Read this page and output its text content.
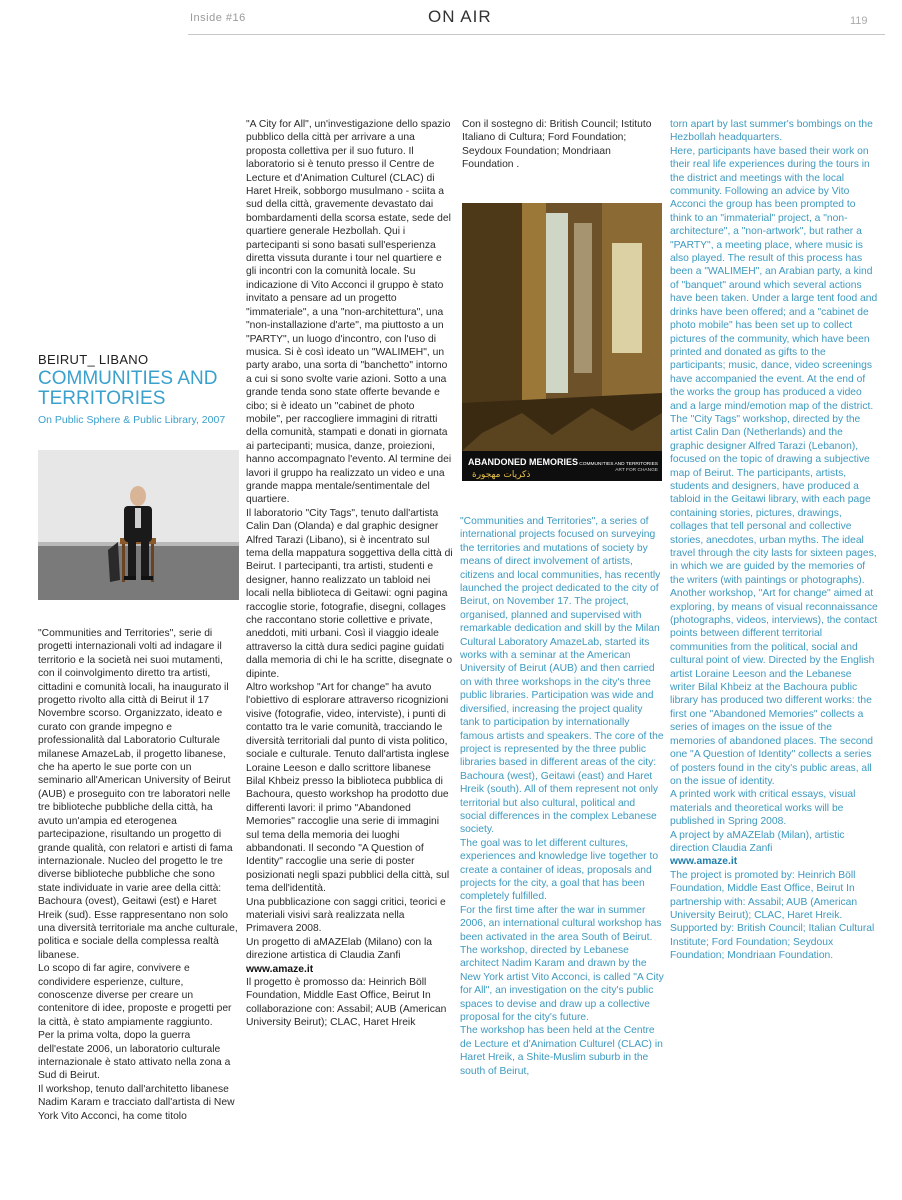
Inside #16	ON AIR	119
BEIRUT_ LIBANO
COMMUNITIES AND TERRITORIES
On Public Sphere & Public Library, 2007
ABANDONED MEMORIES
ذكريات مهجورة
COMMUNITIES AND TERRITORIES
ART FOR CHANGE

"Communities and Territories", serie di progetti internazionali volti ad indagare il territorio e la società nei suoi mutamenti, con il coinvolgimento diretto tra artisti, cittadini e comunità locali, ha inaugurato il progetto rivolto alla città di Beirut il 17 Novembre scorso. Organizzato, ideato e curato con grande impegno e professionalità dal Laboratorio Culturale milanese AmazeLab, il progetto libanese, che ha aperto le sue porte con un seminario all'American University of Beirut (AUB) e proseguito con tre laboratori nelle tre biblioteche pubbliche della città, ha avuto un'ampia ed eterogenea partecipazione, risultando un progetto di grande qualità, con relatori e artisti di fama internazionale. Nucleo del progetto le tre diverse biblioteche pubbliche che sono state individuate in varie aree della città: Bachoura (ovest), Geitawi (est) e Haret Hreik (sud). Esse rappresentano non solo una diversità territoriale ma anche culturale, politica e sociale della complessa realtà libanese.

Lo scopo di far agire, convivere e condividere esperienze, culture, conoscenze diverse per creare un contenitore di idee, proposte e progetti per la città, è stato ampiamente raggiunto.

Per la prima volta, dopo la guerra dell'estate 2006, un laboratorio culturale internazionale è stato attivato nella zona a Sud di Beirut.

Il workshop, tenuto dall'architetto libanese Nadim Karam e tracciato dall'artista di New York Vito Acconci, ha come titolo

"A City for All", un'investigazione dello spazio pubblico della città per arrivare a una proposta collettiva per il suo futuro. Il laboratorio si è tenuto presso il Centre de Lecture et d'Animation Culturel (CLAC) di Haret Hreik, sobborgo musulmano - sciita a sud della città, gravemente devastato dai bombardamenti della scorsa estate, sede del quartiere generale Hezbollah. Qui i partecipanti si sono basati sull'esperienza diretta vissuta durante i tour nel quartiere e gli incontri con la comunità locale. Su indicazione di Vito Acconci il gruppo è stato invitato a pensare ad un progetto "immateriale", a una "non-architettura", una "non-installazione d'arte", ma piuttosto a un "PARTY", un luogo d'incontro, con l'uso di musica. Si è così ideato un "WALIMEH", un party arabo, una sorta di "banchetto" intorno a cui si sono svolte varie azioni. Sotto a una grande tenda sono state offerte bevande e cibo; si è ideato un "cabinet de photo mobile", per raccogliere immagini di ritratti della comunità, stampati e donati in giornata ai partecipanti; musica, danze, proiezioni, hanno accompagnato l'evento. Al termine dei lavori il gruppo ha realizzato un video e una grande mappa mentale/sentimentale del quartiere.

Il laboratorio "City Tags", tenuto dall'artista Calin Dan (Olanda) e dal graphic designer Alfred Tarazi (Libano), si è incentrato sul tema della mappatura soggettiva della città di Beirut. I partecipanti, tra artisti, studenti e designer, hanno realizzato un tabloid nei locali nella biblioteca di Geitawi: ogni pagina raccoglie storie, fotografie, disegni, collages che raccontano storie collettive e private, aneddoti, miti urbani. Così il viaggio ideale attraverso la città dura sedici pagine guidati dalla memoria di chi le ha scritte, disegnate o dipinte.

Altro workshop "Art for change" ha avuto l'obiettivo di esplorare attraverso ricognizioni visive (fotografie, video, interviste), i punti di contatto tra le varie comunità, tracciando le diversità territoriali dal punto di vista politico, sociale e culturale. Tenuto dall'artista inglese Loraine Leeson e dallo scrittore libanese Bilal Khbeiz presso la biblioteca pubblica di Bachoura, questo workshop ha prodotto due differenti lavori: il primo "Abandoned Memories" raccoglie una serie di immagini sul tema della memoria dei luoghi abbandonati. Il secondo "A Question of Identity" raccoglie una serie di poster posizionati negli spazi pubblici della città, sul tema dell'identità.

Una pubblicazione con saggi critici, teorici e materiali visivi sarà realizzata nella Primavera 2008.

Un progetto di aMAZElab (Milano) con la direzione artistica di Claudia Zanfi

www.amaze.it

Il progetto è promosso da: Heinrich Böll Foundation, Middle East Office, Beirut In collaborazione con: Assabil; AUB (American University Beirut); CLAC, Haret Hreik

Con il sostegno di: British Council; Istituto Italiano di Cultura; Ford Foundation; Seydoux Foundation; Mondriaan Foundation .

"Communities and Territories", a series of international projects focused on surveying the territories and mutations of society by means of direct involvement of artists, citizens and local communities, has recently launched the project dedicated to the city of Beirut, on November 17. The project, organised, planned and supervised with remarkable dedication and skill by the Milan Cultural Laboratory AmazeLab, started its works with a seminar at the American University of Beirut (AUB) and then carried on with three workshops in the city's three public libraries. Participation was wide and diversified, increasing the project quality tank to participation by internationally famous artists and speakers. The core of the project is represented by the three public libraries based in different areas of the city: Bachoura (west), Geitawi (east) and Haret Hreik (south). All of them represent not only territorial but also cultural, political and social differences in the complex Lebanese society.

The goal was to let different cultures, experiences and knowledge live together to create a container of ideas, proposals and projects for the city, a goal that has been completely fulfilled.

For the first time after the war in summer 2006, an international cultural workshop has been activated in the area South of Beirut.

The workshop, directed by Lebanese architect Nadim Karam and drawn by the New York artist Vito Acconci, is called "A City for All", an investigation on the city's public spaces to devise and draw up a collective proposal for the city's future.

The workshop has been held at the Centre de Lecture et d'Animation Culturel (CLAC) in Haret Hreik, a Shite-Muslim suburb in the south of Beirut,

torn apart by last summer's bombings on the Hezbollah headquarters.

Here, participants have based their work on their real life experiences during the tours in the district and meetings with the local community. Following an advice by Vito Acconci the group has been prompted to think to an "immaterial" project, a "non-architecture", a "non-artwork", but rather a "PARTY", a meeting place, where music is also played. The result of this process has been a "WALIMEH", an Arabian party, a kind of "banquet" around which several actions have been taken. Under a large tent food and drinks have been offered; and a "cabinet de photo mobile" has been set up to collect pictures of the community, which have been printed and donated as gifts to the participants; music, dance, video screenings have accompanied the event. At the end of the works the group has produced a video and a large mind/emotion map of the district.

The "City Tags" workshop, directed by the artist Calin Dan (Netherlands) and the graphic designer Alfred Tarazi (Lebanon), focused on the topic of drawing a subjective map of Beirut. The participants, artists, students and designers, have produced a tabloid in the Geitawi library, with each page containing stories, pictures, drawings, collages that tell personal and collective stories, anecdotes, urban myths. The ideal travel through the city lasts for sixteen pages, in which we are guided by the memories of the writers (with paintings or photographs).

Another workshop, "Art for change" aimed at exploring, by means of visual reconnaissance (photographs, videos, interviews), the contact points between different territorial communities from the political, social and cultural point of view. Directed by the English artist Loraine Leeson and the Lebanese writer Bilal Khbeiz at the Bachoura public library has produced two different works: the first one "Abandoned Memories" collects a series of images on the issue of the memories of abandoned places. The second one "A Question of Identity" collects a series of posters found in the city's public areas, all on the issue of identity.

A printed work with critical essays, visual materials and theoretical works will be published in Spring 2008.

A project by aMAZElab (Milan), artistic direction Claudia Zanfi

www.amaze.it

The project is promoted by: Heinrich Böll Foundation, Middle East Office, Beirut In partnership with: Assabil; AUB (American University Beirut); CLAC, Haret Hreik.

Supported by: British Council; Italian Cultural Institute; Ford Foundation; Seydoux Foundation; Mondriaan Foundation.
